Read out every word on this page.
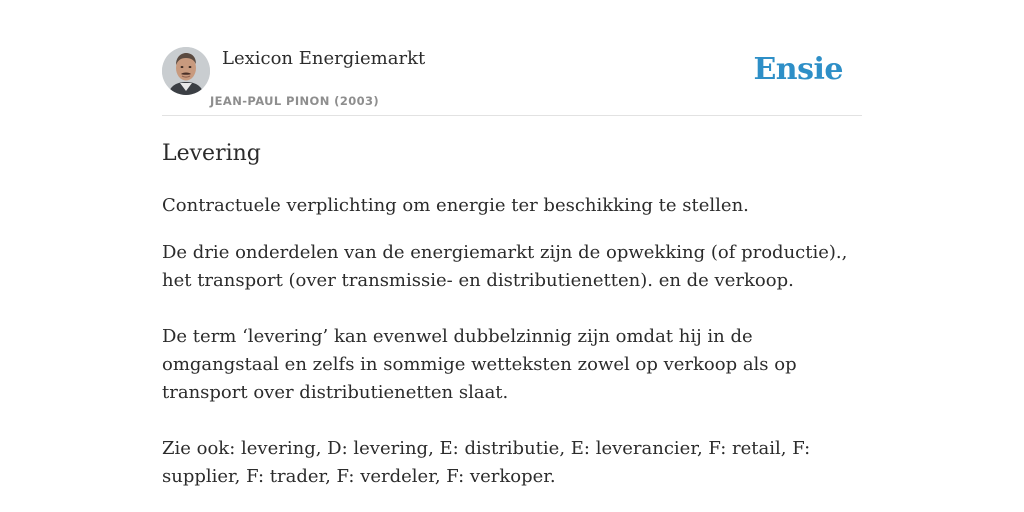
Lexicon Energiemarkt
JEAN-PAUL PINON (2003)
Ensie
Levering

Contractuele verplichting om energie ter beschikking te stellen.

De drie onderdelen van de energiemarkt zijn de opwekking (of productie)., het transport (over transmissie- en distributienetten). en de verkoop.

De term ‘levering’ kan evenwel dubbelzinnig zijn omdat hij in de omgangstaal en zelfs in sommige wetteksten zowel op verkoop als op transport over distributienetten slaat.

Zie ook: levering, D: levering, E: distributie, E: leverancier, F: retail, F: supplier, F: trader, F: verdeler, F: verkoper.
